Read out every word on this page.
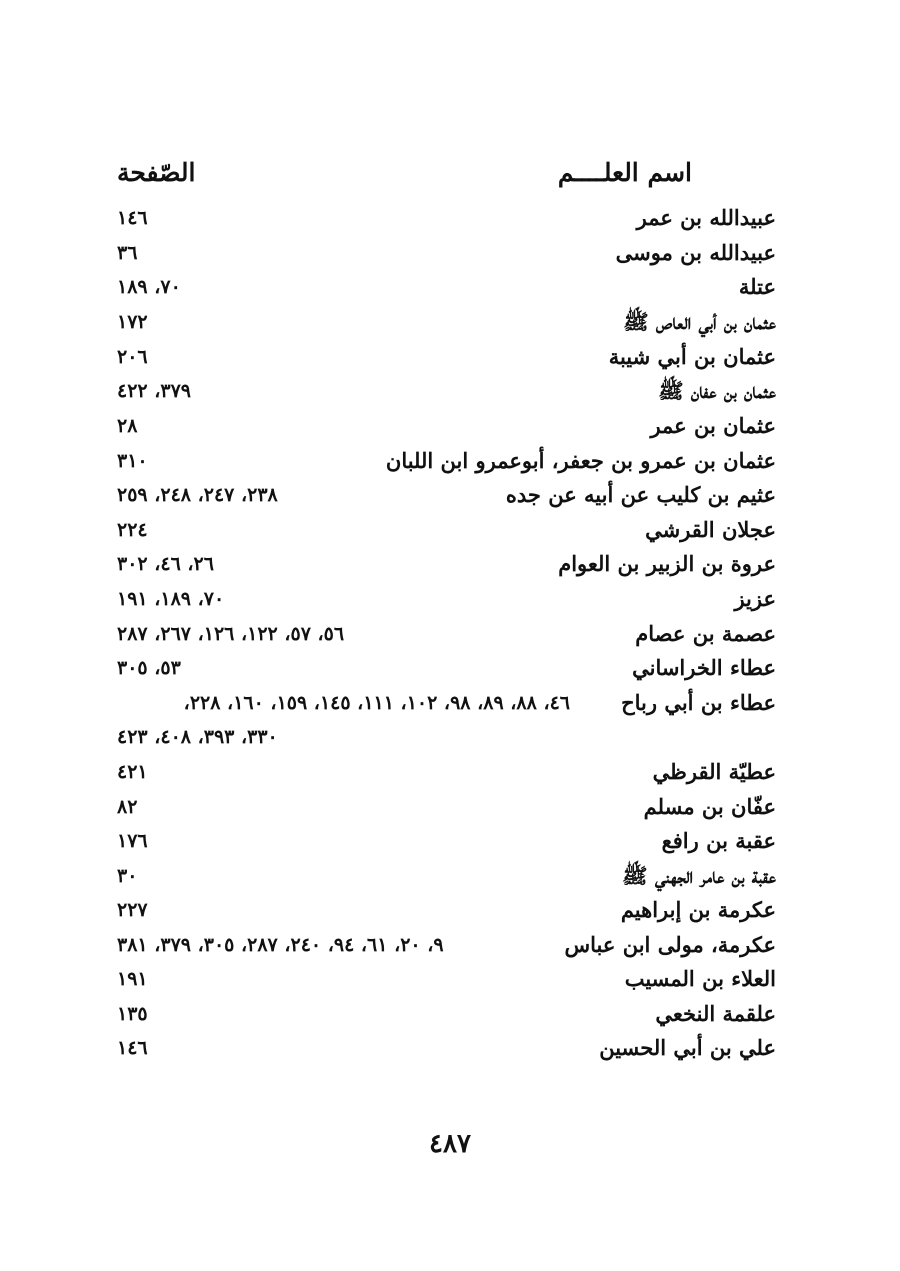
اسم العلــــم
الصّفحة
عبيدالله بن عمر
١٤٦
عبيدالله بن موسى
٣٦
عتلة
٧٠، ١٨٩
عثمان بن أبي العاص ﷺ
١٧٢
عثمان بن أبي شيبة
٢٠٦
عثمان بن عفان ﷺ
٣٧٩، ٤٢٢
عثمان بن عمر
٢٨
عثمان بن عمرو بن جعفر، أبوعمرو ابن اللبان
٣١٠
عثيم بن كليب عن أبيه عن جده
٢٣٨، ٢٤٧، ٢٤٨، ٢٥٩
عجلان القرشي
٢٢٤
عروة بن الزبير بن العوام
٢٦، ٤٦، ٣٠٢
عزيز
٧٠، ١٨٩، ١٩١
عصمة بن عصام
٥٦، ٥٧، ١٢٢، ١٢٦، ٢٦٧، ٢٨٧
عطاء الخراساني
٥٣، ٣٠٥
عطاء بن أبي رباح
٤٦، ٨٨، ٨٩، ٩٨، ١٠٢، ١١١، ١٤٥، ١٥٩، ١٦٠، ٢٢٨،
٣٣٠، ٣٩٣، ٤٠٨، ٤٢٣
عطيّة القرظي
٤٢١
عفّان بن مسلم
٨٢
عقبة بن رافع
١٧٦
عقبة بن عامر الجهني ﷺ
٣٠
عكرمة بن إبراهيم
٢٢٧
عكرمة، مولى ابن عباس
٩، ٢٠، ٦١، ٩٤، ٢٤٠، ٢٨٧، ٣٠٥، ٣٧٩، ٣٨١
العلاء بن المسيب
١٩١
علقمة النخعي
١٣٥
علي بن أبي الحسين
١٤٦
٤٨٧
